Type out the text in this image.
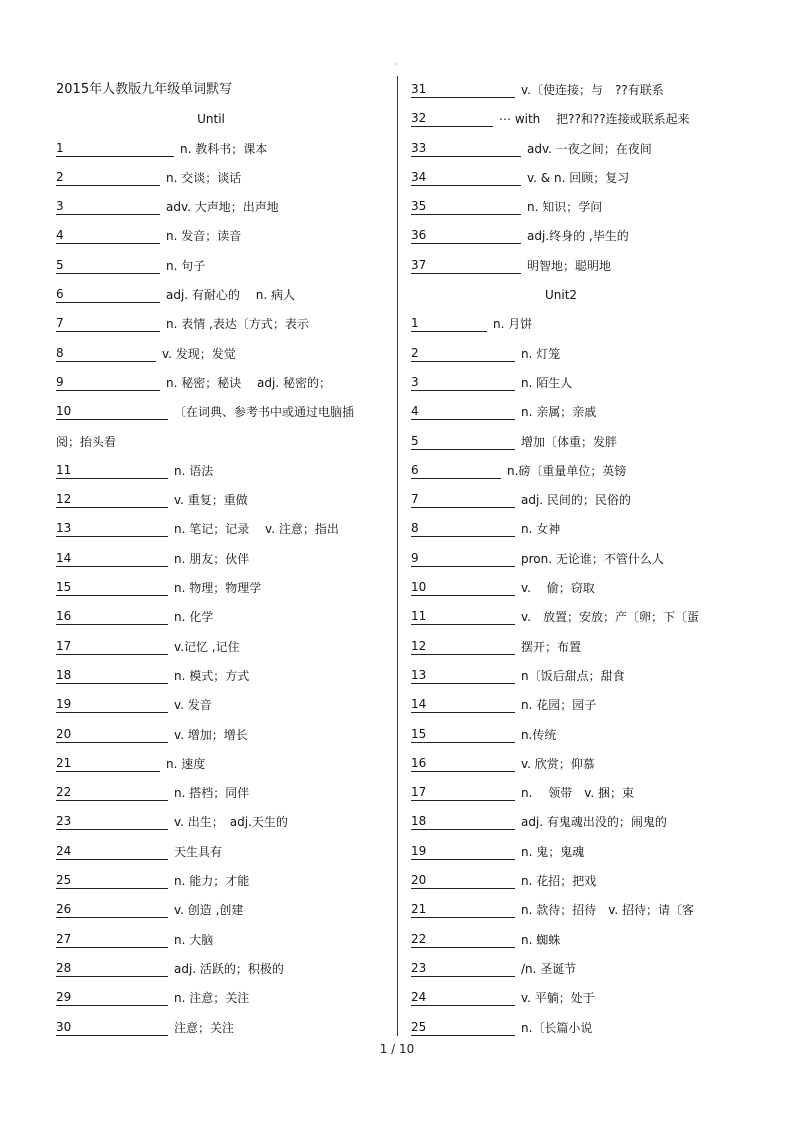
·
2015年人教版九年级单词默写
Until
1	n. 教科书；课本
2	n. 交谈；谈话
3	adv. 大声地；出声地
4	n. 发音；读音
5	n. 句子
6	adj. 有耐心的　 n. 病人
7	n. 表情 ,表达〔方式；表示
8	v. 发现；发觉
9	n. 秘密；秘诀　 adj. 秘密的；
10	〔在词典、参考书中或通过电脑插
阅；抬头看
11	n. 语法
12	v. 重复；重做
13	n. 笔记；记录　 v. 注意；指出
14	n. 朋友；伙伴
15	n. 物理；物理学
16	n. 化学
17	v.记忆 ,记住
18	n. 模式；方式
19	v. 发音
20	v. 增加；增长
21	n. 速度
22	n. 搭档；同伴
23	v. 出生；　adj.天生的
24	天生具有
25	n. 能力；才能
26	v. 创造 ,创建
27	n. 大脑
28	adj. 活跃的；积极的
29	n. 注意；关注
30	注意；关注
31	v.〔使连接；与　??有联系
32	⋯ with　 把??和??连接或联系起来
33	adv. 一夜之间；在夜间
34	v. & n. 回顾；复习
35	n. 知识；学问
36	adj.终身的 ,毕生的
37	明智地；聪明地
Unit2
1	n. 月饼
2	n. 灯笼
3	n. 陌生人
4	n. 亲属；亲戚
5	增加〔体重；发胖
6	n.磅〔重量单位；英镑
7	adj. 民间的；民俗的
8	n. 女神
9	pron. 无论谁；不管什么人
10	v.　 偷；窃取
11	v.　放置；安放；产〔卵；下〔蛋
12	摆开；布置
13	n〔饭后甜点；甜食
14	n. 花园；园子
15	n.传统
16	v. 欣赏；仰慕
17	n.　 领带　v. 捆；束
18	adj. 有鬼魂出没的；闹鬼的
19	n. 鬼；鬼魂
20	n. 花招；把戏
21	n. 款待；招待　v. 招待；请〔客
22	n. 蜘蛛
23	/n. 圣诞节
24	v. 平躺；处于
25	n.〔长篇小说
1 / 10
